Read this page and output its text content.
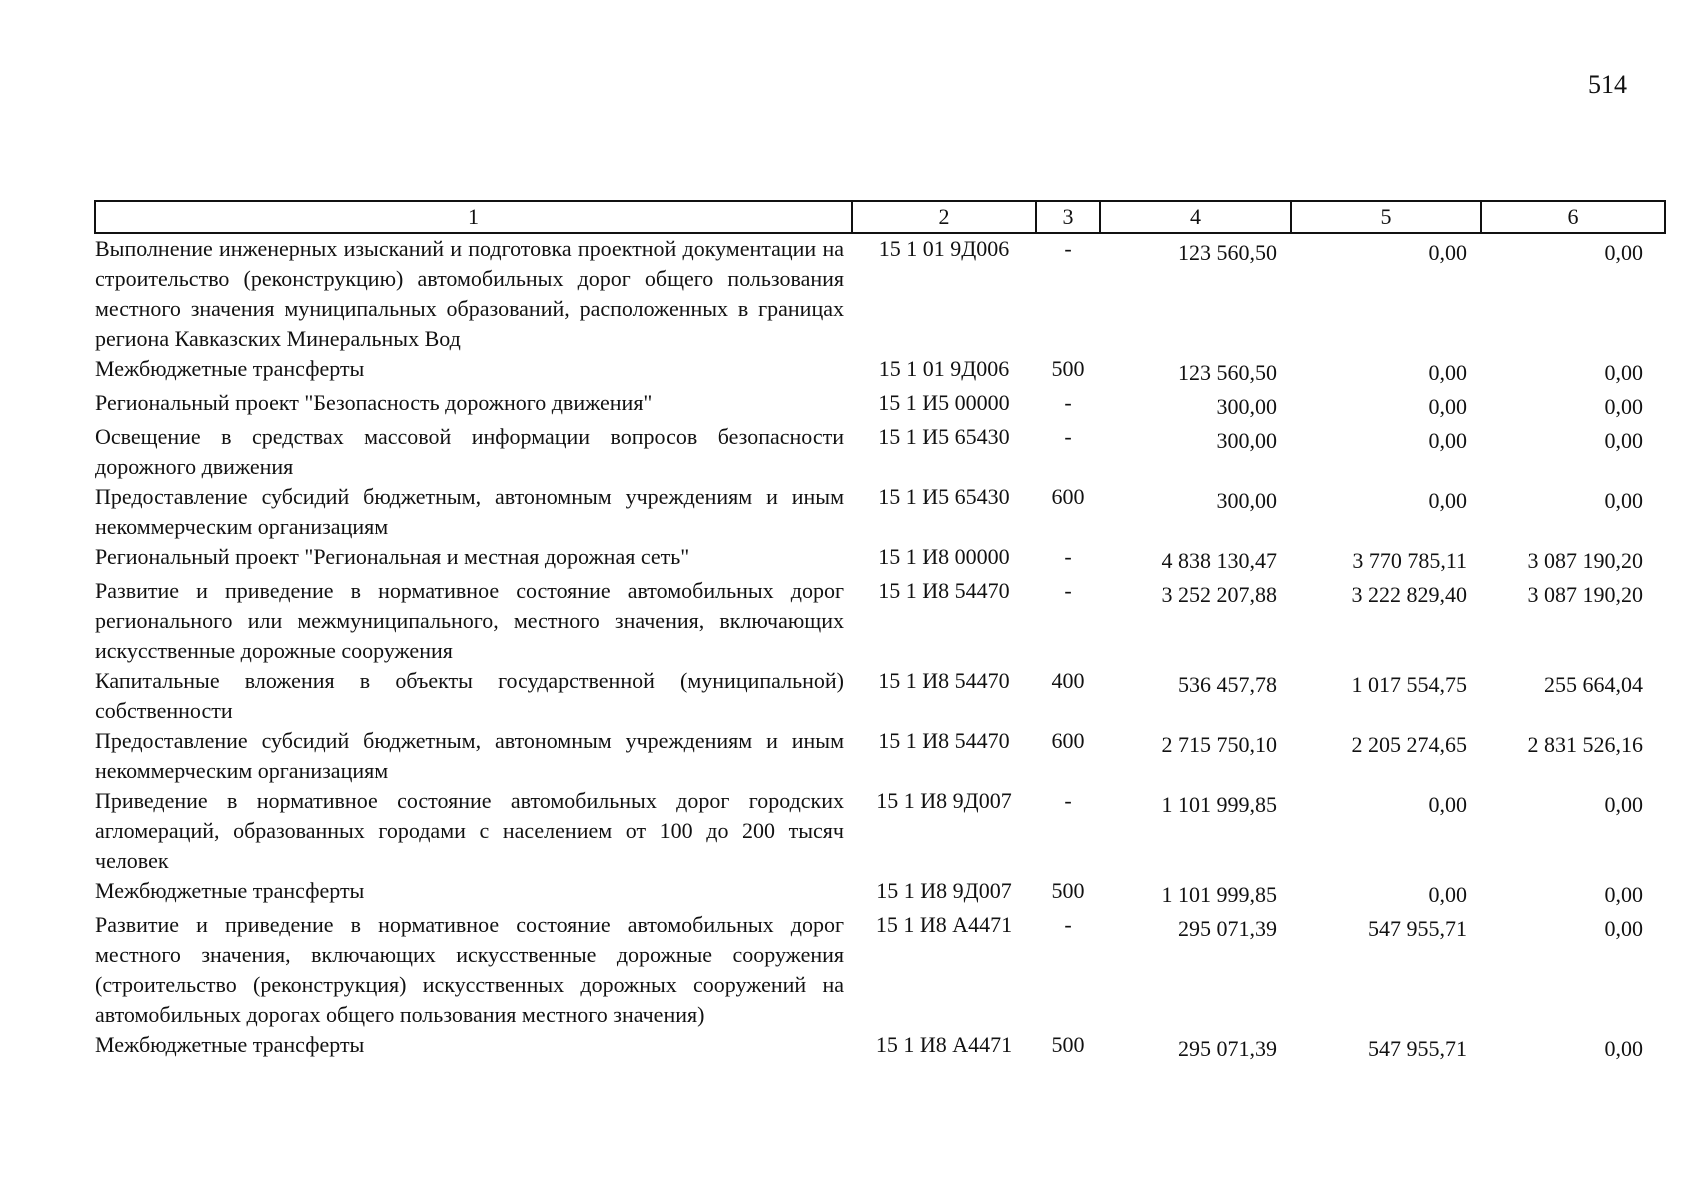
514
1	2	3	4	5	6
Выполнение инженерных изысканий и подготовка проектной документации на строительство (реконструкцию) автомобильных дорог общего пользования местного значения муниципальных образований, расположенных в границах региона Кавказских Минеральных Вод	15 1 01 9Д006	-	123 560,50	0,00	0,00
Межбюджетные трансферты	15 1 01 9Д006	500	123 560,50	0,00	0,00
Региональный проект "Безопасность дорожного движения"	15 1 И5 00000	-	300,00	0,00	0,00
Освещение в средствах массовой информации вопросов безопасности дорожного движения	15 1 И5 65430	-	300,00	0,00	0,00
Предоставление субсидий бюджетным, автономным учреждениям и иным некоммерческим организациям	15 1 И5 65430	600	300,00	0,00	0,00
Региональный проект "Региональная и местная дорожная сеть"	15 1 И8 00000	-	4 838 130,47	3 770 785,11	3 087 190,20
Развитие и приведение в нормативное состояние автомобильных дорог регионального или межмуниципального, местного значения, включающих искусственные дорожные сооружения	15 1 И8 54470	-	3 252 207,88	3 222 829,40	3 087 190,20
Капитальные вложения в объекты государственной (муниципальной) собственности	15 1 И8 54470	400	536 457,78	1 017 554,75	255 664,04
Предоставление субсидий бюджетным, автономным учреждениям и иным некоммерческим организациям	15 1 И8 54470	600	2 715 750,10	2 205 274,65	2 831 526,16
Приведение в нормативное состояние автомобильных дорог городских агломераций, образованных городами с населением от 100 до 200 тысяч человек	15 1 И8 9Д007	-	1 101 999,85	0,00	0,00
Межбюджетные трансферты	15 1 И8 9Д007	500	1 101 999,85	0,00	0,00
Развитие и приведение в нормативное состояние автомобильных дорог местного значения, включающих искусственные дорожные сооружения (строительство (реконструкция) искусственных дорожных сооружений на автомобильных дорогах общего пользования местного значения)	15 1 И8 А4471	-	295 071,39	547 955,71	0,00
Межбюджетные трансферты	15 1 И8 А4471	500	295 071,39	547 955,71	0,00
